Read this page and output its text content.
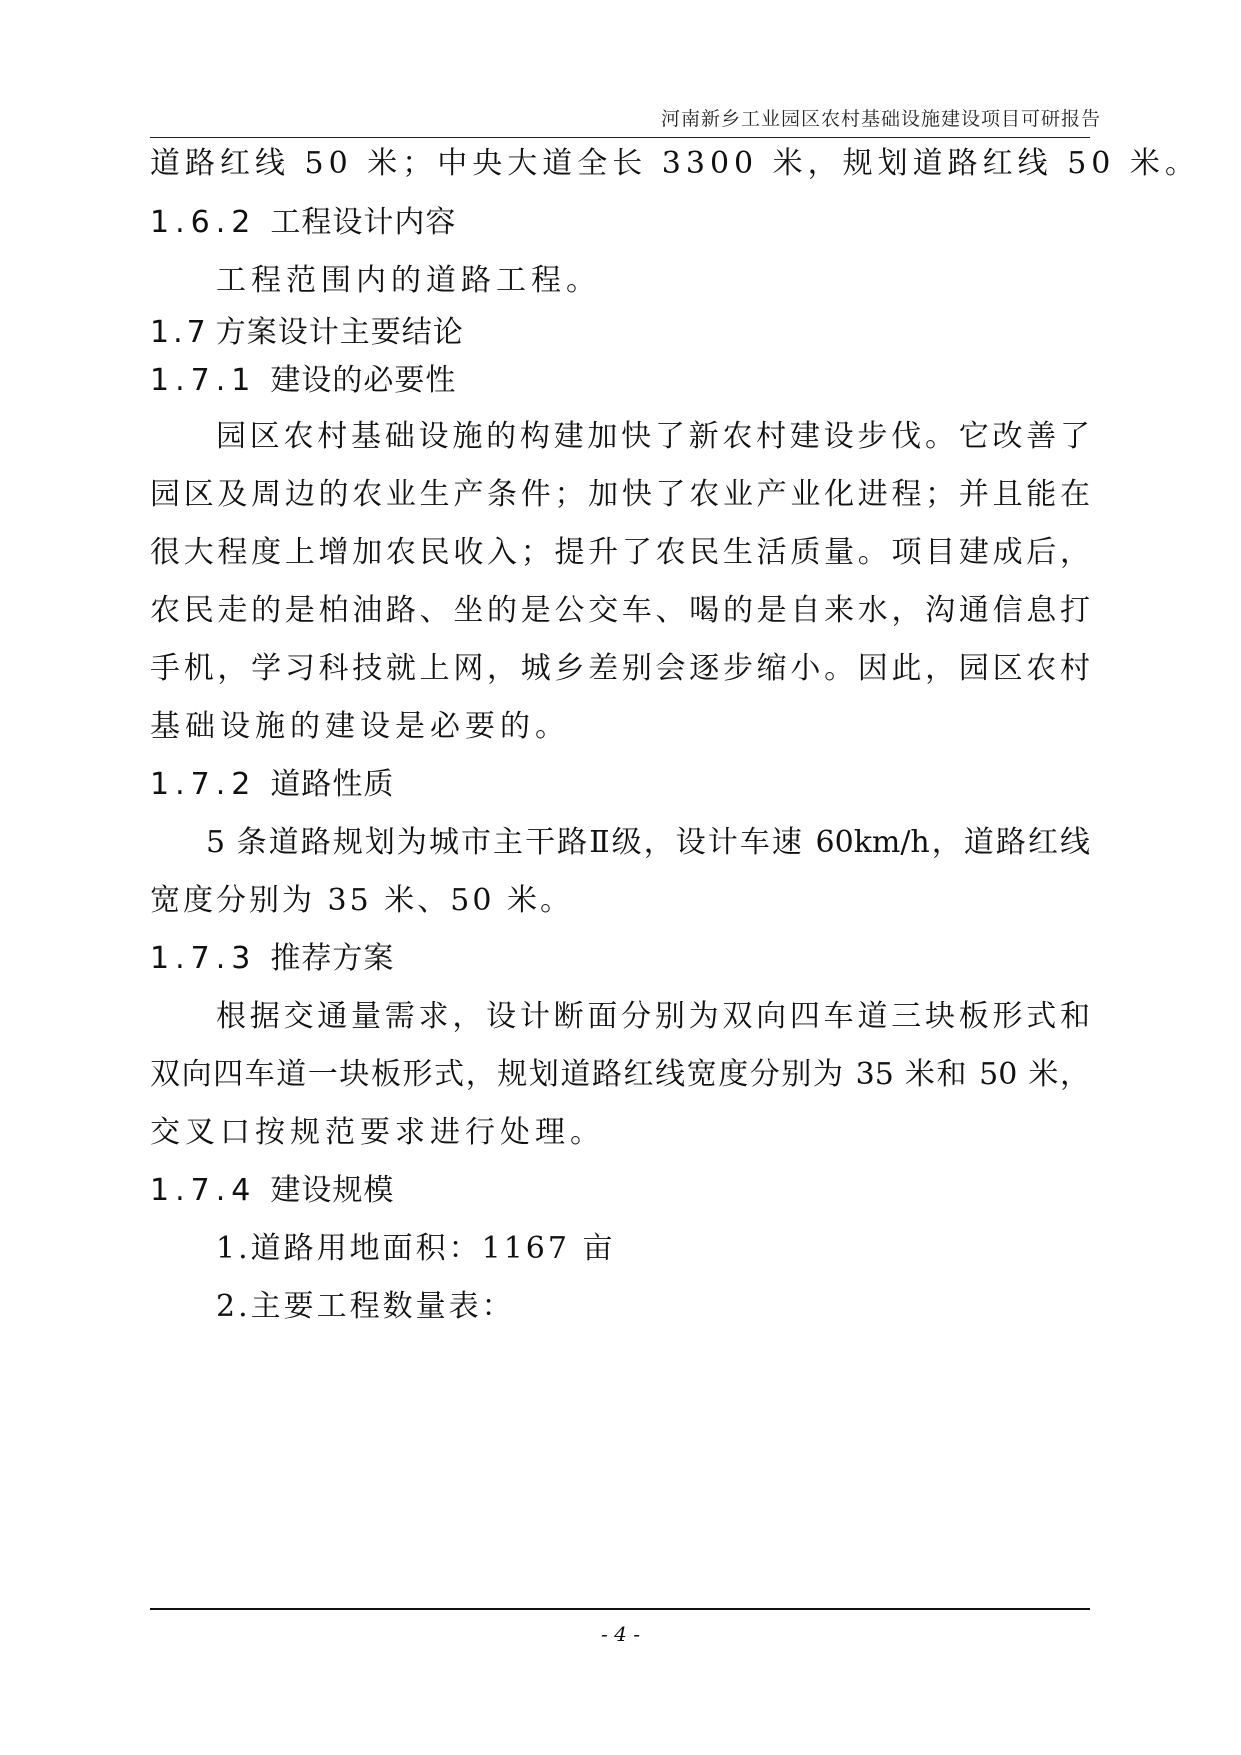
河南新乡工业园区农村基础设施建设项目可研报告
道路红线 50 米；中央大道全长 3300 米，规划道路红线 50 米。
1.6.2 工程设计内容
工程范围内的道路工程。
1.7 方案设计主要结论
1.7.1 建设的必要性
园区农村基础设施的构建加快了新农村建设步伐。它改善了
园区及周边的农业生产条件；加快了农业产业化进程；并且能在
很大程度上增加农民收入；提升了农民生活质量。项目建成后，
农民走的是柏油路、坐的是公交车、喝的是自来水，沟通信息打
手机，学习科技就上网，城乡差别会逐步缩小。因此，园区农村
基础设施的建设是必要的。
1.7.2 道路性质
5 条道路规划为城市主干路Ⅱ级，设计车速 60km/h，道路红线
宽度分别为 35 米、50 米。
1.7.3 推荐方案
根据交通量需求，设计断面分别为双向四车道三块板形式和
双向四车道一块板形式，规划道路红线宽度分别为 35 米和 50 米，
交叉口按规范要求进行处理。
1.7.4 建设规模
1.道路用地面积：1167 亩
2.主要工程数量表：
- 4 -
